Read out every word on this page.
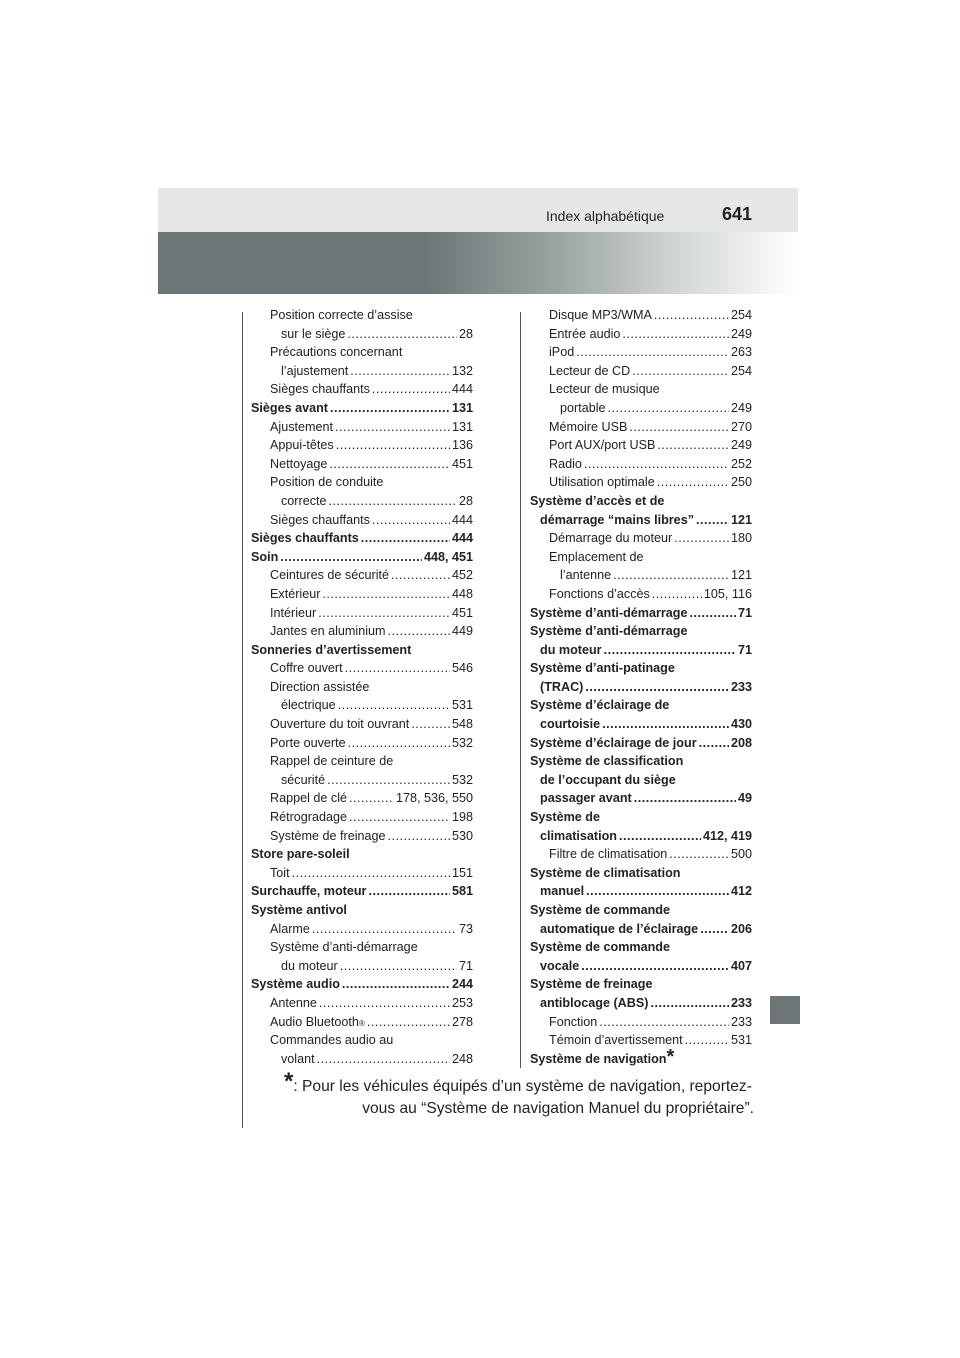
Index alphabétique	641
Position correcte d’assise
sur le siège .....	28
Précautions concernant
l’ajustement .....	132
Sièges chauffants .....	444
Sièges avant .....	131
Ajustement .....	131
Appui-têtes .....	136
Nettoyage .....	451
Position de conduite
correcte .....	28
Sièges chauffants .....	444
Sièges chauffants .....	444
Soin .....	448, 451
Ceintures de sécurité .....	452
Extérieur .....	448
Intérieur .....	451
Jantes en aluminium .....	449
Sonneries d’avertissement
Coffre ouvert .....	546
Direction assistée
électrique .....	531
Ouverture du toit ouvrant .....	548
Porte ouverte .....	532
Rappel de ceinture de
sécurité .....	532
Rappel de clé .....	178, 536, 550
Rétrogradage .....	198
Système de freinage .....	530
Store pare-soleil
Toit .....	151
Surchauffe, moteur .....	581
Système antivol
Alarme .....	73
Système d’anti-démarrage
du moteur .....	71
Système audio .....	244
Antenne .....	253
Audio Bluetooth ® .....	278
Commandes audio au
volant .....	248
Disque MP3/WMA .....	254
Entrée audio .....	249
iPod .....	263
Lecteur de CD .....	254
Lecteur de musique
portable .....	249
Mémoire USB .....	270
Port AUX/port USB .....	249
Radio .....	252
Utilisation optimale .....	250
Système d’accès et de
démarrage “mains libres” .....	121
Démarrage du moteur .....	180
Emplacement de
l’antenne .....	121
Fonctions d’accès .....	105, 116
Système d’anti-démarrage .....	71
Système d’anti-démarrage
du moteur .....	71
Système d’anti-patinage
(TRAC) .....	233
Système d’éclairage de
courtoisie .....	430
Système d’éclairage de jour .....	208
Système de classification
de l’occupant du siège
passager avant .....	49
Système de
climatisation .....	412, 419
Filtre de climatisation .....	500
Système de climatisation
manuel .....	412
Système de commande
automatique de l’éclairage .....	206
Système de commande
vocale .....	407
Système de freinage
antiblocage (ABS) .....	233
Fonction .....	233
Témoin d’avertissement .....	531
Système de navigation *
*: Pour les véhicules équipés d’un système de navigation, reportez-
vous au “Système de navigation Manuel du propriétaire”.
